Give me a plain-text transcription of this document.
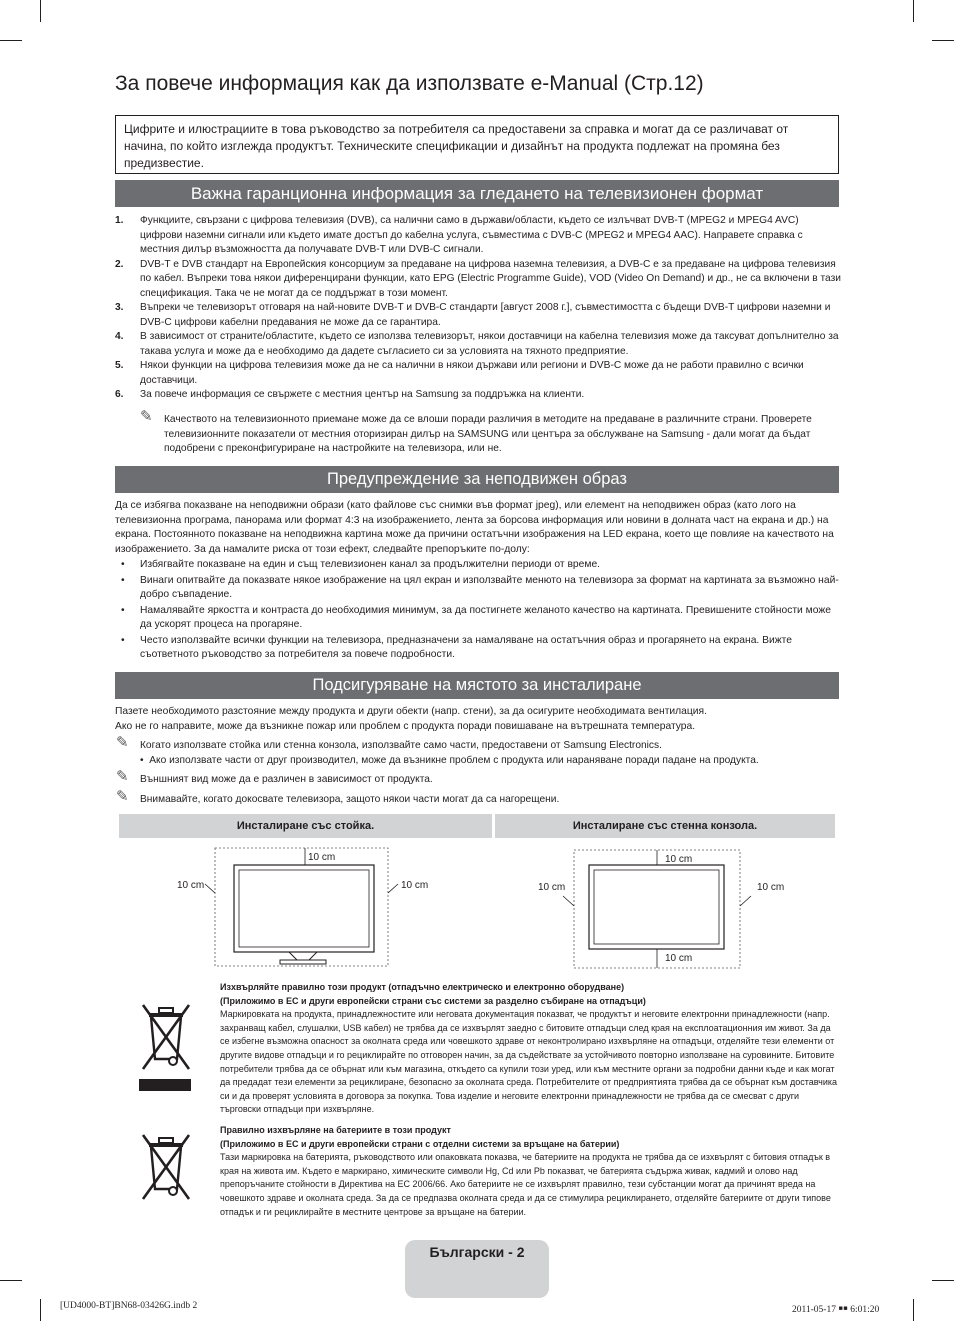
За повече информация как да използвате e-Manual (Стр.12)
Цифрите и илюстрациите в това ръководство за потребителя са предоставени за справка и могат да се различават от начина, по който изглежда продуктът. Техническите спецификации и дизайнът на продукта подлежат на промяна без предизвестие.
Важна гаранционна информация за гледането на телевизионен формат
1. Функциите, свързани с цифрова телевизия (DVB), са налични само в държави/области, където се излъчват DVB-T (MPEG2 и MPEG4 AVC) цифрови наземни сигнали или където имате достъп до кабелна услуга, съвместима с DVB-C (MPEG2 и MPEG4 AAC). Направете справка с местния дилър възможността да получавате DVB-T или DVB-C сигнали.
2. DVB-T е DVB стандарт на Европейския консорциум за предаване на цифрова наземна телевизия, а DVB-C е за предаване на цифрова телевизия по кабел. Въпреки това някои диференцирани функции, като EPG (Electric Programme Guide), VOD (Video On Demand) и др., не са включени в тази спецификация. Така че не могат да се поддържат в този момент.
3. Въпреки че телевизорът отговаря на най-новите DVB-T и DVB-C стандарти [август 2008 г.], съвместимостта с бъдещи DVB-T цифрови наземни и DVB-C цифрови кабелни предавания не може да се гарантира.
4. В зависимост от страните/областите, където се използва телевизорът, някои доставчици на кабелна телевизия може да таксуват допълнително за такава услуга и може да е необходимо да дадете съгласието си за условията на тяхното предприятие.
5. Някои функции на цифрова телевизия може да не са налични в някои държави или региони и DVB-C може да не работи правилно с всички доставчици.
6. За повече информация се свържете с местния център на Samsung за поддръжка на клиенти.
✎ Качеството на телевизионното приемане може да се влоши поради различия в методите на предаване в различните страни. Проверете телевизионните показатели от местния оторизиран дилър на SAMSUNG или центъра за обслужване на Samsung - дали могат да бъдат подобрени с преконфигуриране на настройките на телевизора, или не.
Предупреждение за неподвижен образ

Да се избягва показване на неподвижни образи (като файлове със снимки във формат jpeg), или елемент на неподвижен образ (като лого на телевизионна програма, панорама или формат 4:3 на изображението, лента за борсова информация или новини в долната част на екрана и др.) на екрана. Постоянното показване на неподвижна картина може да причини остатъчни изображения на LED екрана, което ще повлияе на качеството на изображението. За да намалите риска от този ефект, следвайте препоръките по-долу:

• Избягвайте показване на един и същ телевизионен канал за продължителни периоди от време.
• Винаги опитвайте да показвате някое изображение на цял екран и използвайте менюто на телевизора за формат на картината за възможно най-добро съвпадение.
• Намалявайте яркостта и контраста до необходимия минимум, за да постигнете желаното качество на картината. Превишените стойности може да ускорят процеса на прогаряне.
• Често използвайте всички функции на телевизора, предназначени за намаляване на остатъчния образ и прогарянето на екрана. Вижте съответното ръководство за потребителя за повече подробности.
Подсигуряване на мястото за инсталиране
Пазете необходимото разстояние между продукта и други обекти (напр. стени), за да осигурите необходимата вентилация.
Ако не го направите, може да възникне пожар или проблем с продукта поради повишаване на вътрешната температура.
✎ Когато използвате стойка или стенна конзола, използвайте само части, предоставени от Samsung Electronics.
•  Ако използвате части от друг производител, може да възникне проблем с продукта или нараняване поради падане на продукта.
✎ Външният вид може да е различен в зависимост от продукта.
✎ Внимавайте, когато докосвате телевизора, защото някои части могат да са нагорещени.
Инсталиране със стойка.	Инсталиране със стенна конзола.
10 cm
10 cm	10 cm
10 cm
10 cm
10 cm	10 cm
Изхвърляйте правилно този продукт (отпадъчно електрическо и електронно оборудване)
(Приложимо в ЕС и други европейски страни със системи за разделно събиране на отпадъци)
Маркировката на продукта, принадлежностите или неговата документация показват, че продуктът и неговите електронни принадлежности (напр. захранващ кабел, слушалки, USB кабел) не трябва да се изхвърлят заедно с битовите отпадъци след края на експлоатационния им живот. За да се избегне възможна опасност за околната среда или човешкото здраве от неконтролирано изхвърляне на отпадъци, отделяйте тези елементи от другите видове отпадъци и го рециклирайте по отговорен начин, за да съдействате за устойчивото повторно използване на суровините. Битовите потребители трябва да се обърнат или към магазина, откъдето са купили този уред, или към местните органи за подробни данни къде и как могат да предадат тези елементи за рециклиране, безопасно за околната среда. Потребителите от предприятията трябва да се обърнат към доставчика си и да проверят условията в договора за покупка. Това изделие и неговите електронни принадлежности не трябва да се смесват с други търговски отпадъци при изхвърляне.
Правилно изхвърляне на батериите в този продукт
(Приложимо в ЕС и други европейски страни с отделни системи за връщане на батерии)
Тази маркировка на батерията, ръководството или опаковката показва, че батериите на продукта не трябва да се изхвърлят с битовия отпадък в края на живота им. Където е маркирано, химическите символи Hg, Cd или Pb показват, че батерията съдържа живак, кадмий и олово над препоръчаните стойности в Директива на ЕС 2006/66. Ако батериите не се изхвърлят правилно, тези субстанции могат да причинят вреда на човешкото здраве и околната среда. За да се предпазва околната среда и да се стимулира рециклирането, отделяйте батериите от други типове отпадък и ги рециклирайте в местните центрове за връщане на батерии.
Български - 2
[UD4000-BT]BN68-03426G.indb 2	2011-05-17 ￭￭ 6:01:20
